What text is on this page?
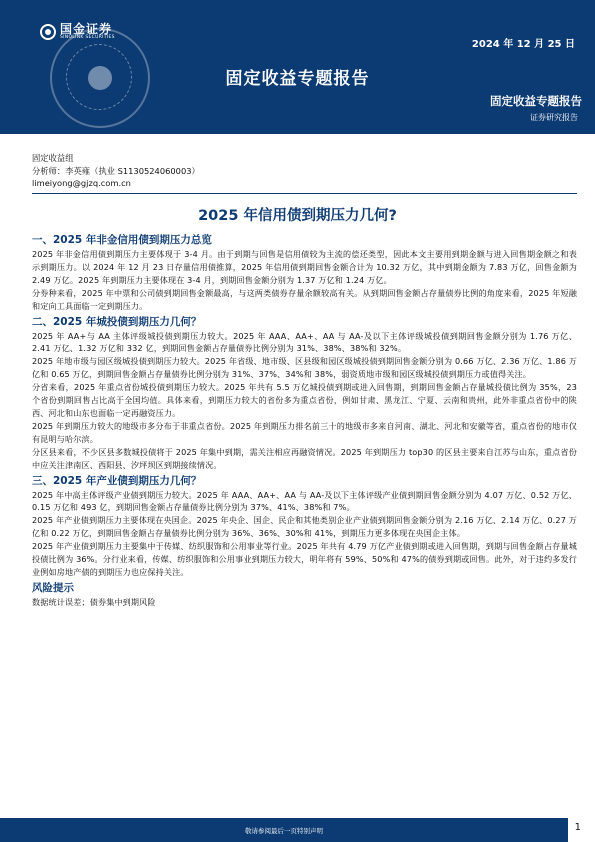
国金证券
SINOLINK SECURITIES
2024 年 12 月 25 日
固定收益专题报告
固定收益专题报告
证券研究报告
固定收益组
分析师：李英雍（执业 S1130524060003）
limeiyong@gjzq.com.cn
2025 年信用债到期压力几何?
一、2025 年非金信用债到期压力总览

2025 年非金信用债到期压力主要体现于 3-4 月。由于到期与回售是信用债较为主流的偿还类型，因此本文主要用到期金额与进入回售期金额之和表示到期压力。以 2024 年 12 月 23 日存量信用债推算，2025 年信用债到期回售金额合计为 10.32 万亿，其中到期金额为 7.83 万亿，回售金额为 2.49 万亿。2025 年到期压力主要体现在 3-4 月，到期回售金额分别为 1.37 万亿和 1.24 万亿。

分券种来看，2025 年中票和公司债到期回售金额最高，与这两类债券存量余额较高有关。从到期回售金额占存量债券比例的角度来看，2025 年短融和定向工具面临一定到期压力。

二、2025 年城投债到期压力几何？

2025 年 AA+与 AA 主体评级城投债到期压力较大。2025 年 AAA、AA+、AA 与 AA-及以下主体评级城投债到期回售金额分别为 1.76 万亿、2.41 万亿、1.32 万亿和 332 亿，到期回售金额占存量债券比例分别为 31%、38%、38%和 32%。

2025 年地市级与园区级城投债到期压力较大。2025 年省级、地市级、区县级和园区级城投债到期回售金额分别为 0.66 万亿、2.36 万亿、1.86 万亿和 0.65 万亿，到期回售金额占存量债券比例分别为 31%、37%、34%和 38%，弱资质地市级和园区级城投债到期压力或值得关注。

分省来看，2025 年重点省份城投债到期压力较大。2025 年共有 5.5 万亿城投债到期或进入回售期，到期回售金额占存量城投债比例为 35%，23 个省份到期回售占比高于全国均值。具体来看，到期压力较大的省份多为重点省份，例如甘肃、黑龙江、宁夏、云南和贵州，此外非重点省份中的陕西、河北和山东也面临一定再融资压力。

2025 年到期压力较大的地级市多分布于非重点省份。2025 年到期压力排名前三十的地级市多来自河南、湖北、河北和安徽等省，重点省份的地市仅有昆明与哈尔滨。

分区县来看，不少区县多数城投债将于 2025 年集中到期，需关注相应再融资情况。2025 年到期压力 top30 的区县主要来自江苏与山东，重点省份中应关注津南区、西阳县、汐坪坝区到期接续情况。

三、2025 年产业债到期压力几何？

2025 年中高主体评级产业债到期压力较大。2025 年 AAA、AA+、AA 与 AA-及以下主体评级产业债到期回售金额分别为 4.07 万亿、0.52 万亿、0.15 万亿和 493 亿，到期回售金额占存量债券比例分别为 37%、41%、38%和 7%。

2025 年产业债到期压力主要体现在央国企。2025 年央企、国企、民企和其他类别企业产业债到期回售金额分别为 2.16 万亿、2.14 万亿、0.27 万亿和 0.22 万亿，到期回售金额占存量债券比例分别为 36%、36%、30%和 41%，到期压力更多体现在央国企主体。

2025 年产业债到期压力主要集中于传媒、纺织服饰和公用事业等行业。2025 年共有 4.79 万亿产业债到期或进入回售期，到期与回售金额占存量城投债比例为 36%。分行业来看，传媒、纺织服饰和公用事业到期压力较大，明年将有 59%、50%和 47%的债券到期或回售。此外，对于违约多发行业例如房地产债的到期压力也应保持关注。

风险提示

数据统计误差；债券集中到期风险

敬请参阅最后一页特别声明	1
